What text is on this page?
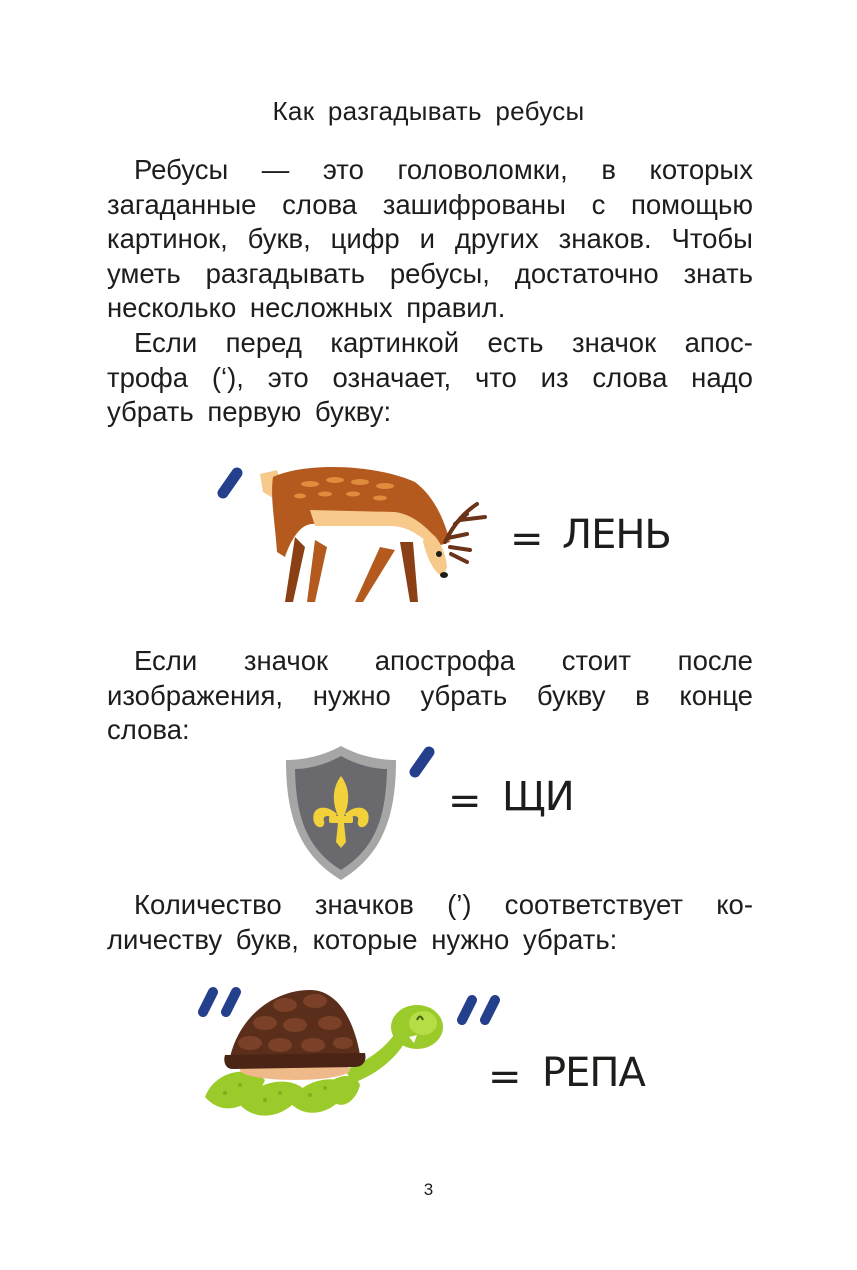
Как разгадывать ребусы
Ребусы — это головоломки, в которых
загаданные слова зашифрованы с помощью
картинок, букв, цифр и других знаков. Чтобы
уметь разгадывать ребусы, достаточно знать
несколько несложных правил.
Если перед картинкой есть значок апос-
трофа (‘), это означает, что из слова надо
убрать первую букву:
= ЛЕНЬ
Если значок апострофа стоит после
изображения, нужно убрать букву в конце
слова:
= ЩИ
Количество значков (’) соответствует ко-
личеству букв, которые нужно убрать:
= РЕПА
3
